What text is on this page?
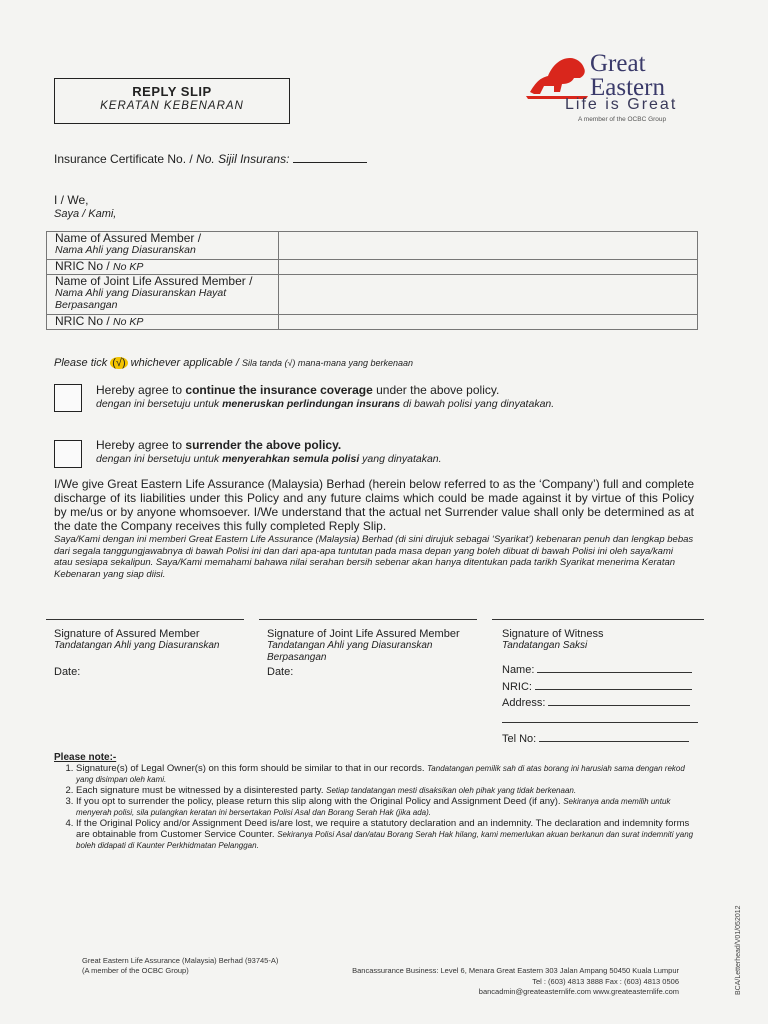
REPLY SLIP
KERATAN KEBENARAN
Great
Eastern
Life is Great
A member of the OCBC Group
Insurance Certificate No. / No. Sijil Insurans:
I / We,
Saya / Kami,
Name of Assured Member /
Nama Ahli yang Diasuranskan	

NRIC No / No KP	

Name of Joint Life Assured Member /
Nama Ahli yang Diasuranskan Hayat Berpasangan	

NRIC No / No KP	
Please tick (√) whichever applicable / Sila tanda (√) mana-mana yang berkenaan
Hereby agree to continue the insurance coverage under the above policy.
dengan ini bersetuju untuk meneruskan perlindungan insurans di bawah polisi yang dinyatakan.
Hereby agree to surrender the above policy.
dengan ini bersetuju untuk menyerahkan semula polisi yang dinyatakan.
I/We give Great Eastern Life Assurance (Malaysia) Berhad (herein below referred to as the ‘Company’) full and complete discharge of its liabilities under this Policy and any future claims which could be made against it by virtue of this Policy by me/us or by anyone whomsoever. I/We understand that the actual net Surrender value shall only be determined as at the date the Company receives this fully completed Reply Slip.
Saya/Kami dengan ini memberi Great Eastern Life Assurance (Malaysia) Berhad (di sini dirujuk sebagai ‘Syarikat’) kebenaran penuh dan lengkap bebas dari segala tanggungjawabnya di bawah Polisi ini dan dari apa-apa tuntutan pada masa depan yang boleh dibuat di bawah Polisi ini oleh saya/kami atau sesiapa sekalipun. Saya/Kami memahami bahawa nilai serahan bersih sebenar akan hanya ditentukan pada tarikh Syarikat menerima Keratan Kebenaran yang siap diisi.
Signature of Assured Member
Tandatangan Ahli yang Diasuranskan
Date:
Signature of Joint Life Assured Member
Tandatangan Ahli yang Diasuranskan Berpasangan
Date:
Signature of Witness
Tandatangan Saksi
Name:
NRIC:
Address:
Tel No:
Please note:-
1. Signature(s) of Legal Owner(s) on this form should be similar to that in our records. Tandatangan pemilik sah di atas borang ini harusiah sama dengan rekod yang disimpan oleh kami.
2. Each signature must be witnessed by a disinterested party. Setiap tandatangan mesti disaksikan oleh pihak yang tidak berkenaan.
3. If you opt to surrender the policy, please return this slip along with the Original Policy and Assignment Deed (if any). Sekiranya anda memilih untuk menyerah polisi, sila pulangkan keratan ini bersertakan Polisi Asal dan Borang Serah Hak (jika ada).
4. If the Original Policy and/or Assignment Deed is/are lost, we require a statutory declaration and an indemnity. The declaration and indemnity forms are obtainable from Customer Service Counter. Sekiranya Polisi Asal dan/atau Borang Serah Hak hilang, kami memerlukan akuan berkanun dan surat indemniti yang boleh didapati di Kaunter Perkhidmatan Pelanggan.
Great Eastern Life Assurance (Malaysia) Berhad (93745-A)
(A member of the OCBC Group)	Bancassurance Business: Level 6, Menara Great Eastern 303 Jalan Ampang 50450 Kuala Lumpur
Tel : (603) 4813 3888 Fax : (603) 4813 0506
bancadmin@greateasternlife.com www.greateasternlife.com	BCA/Letterhead/V01/052012
